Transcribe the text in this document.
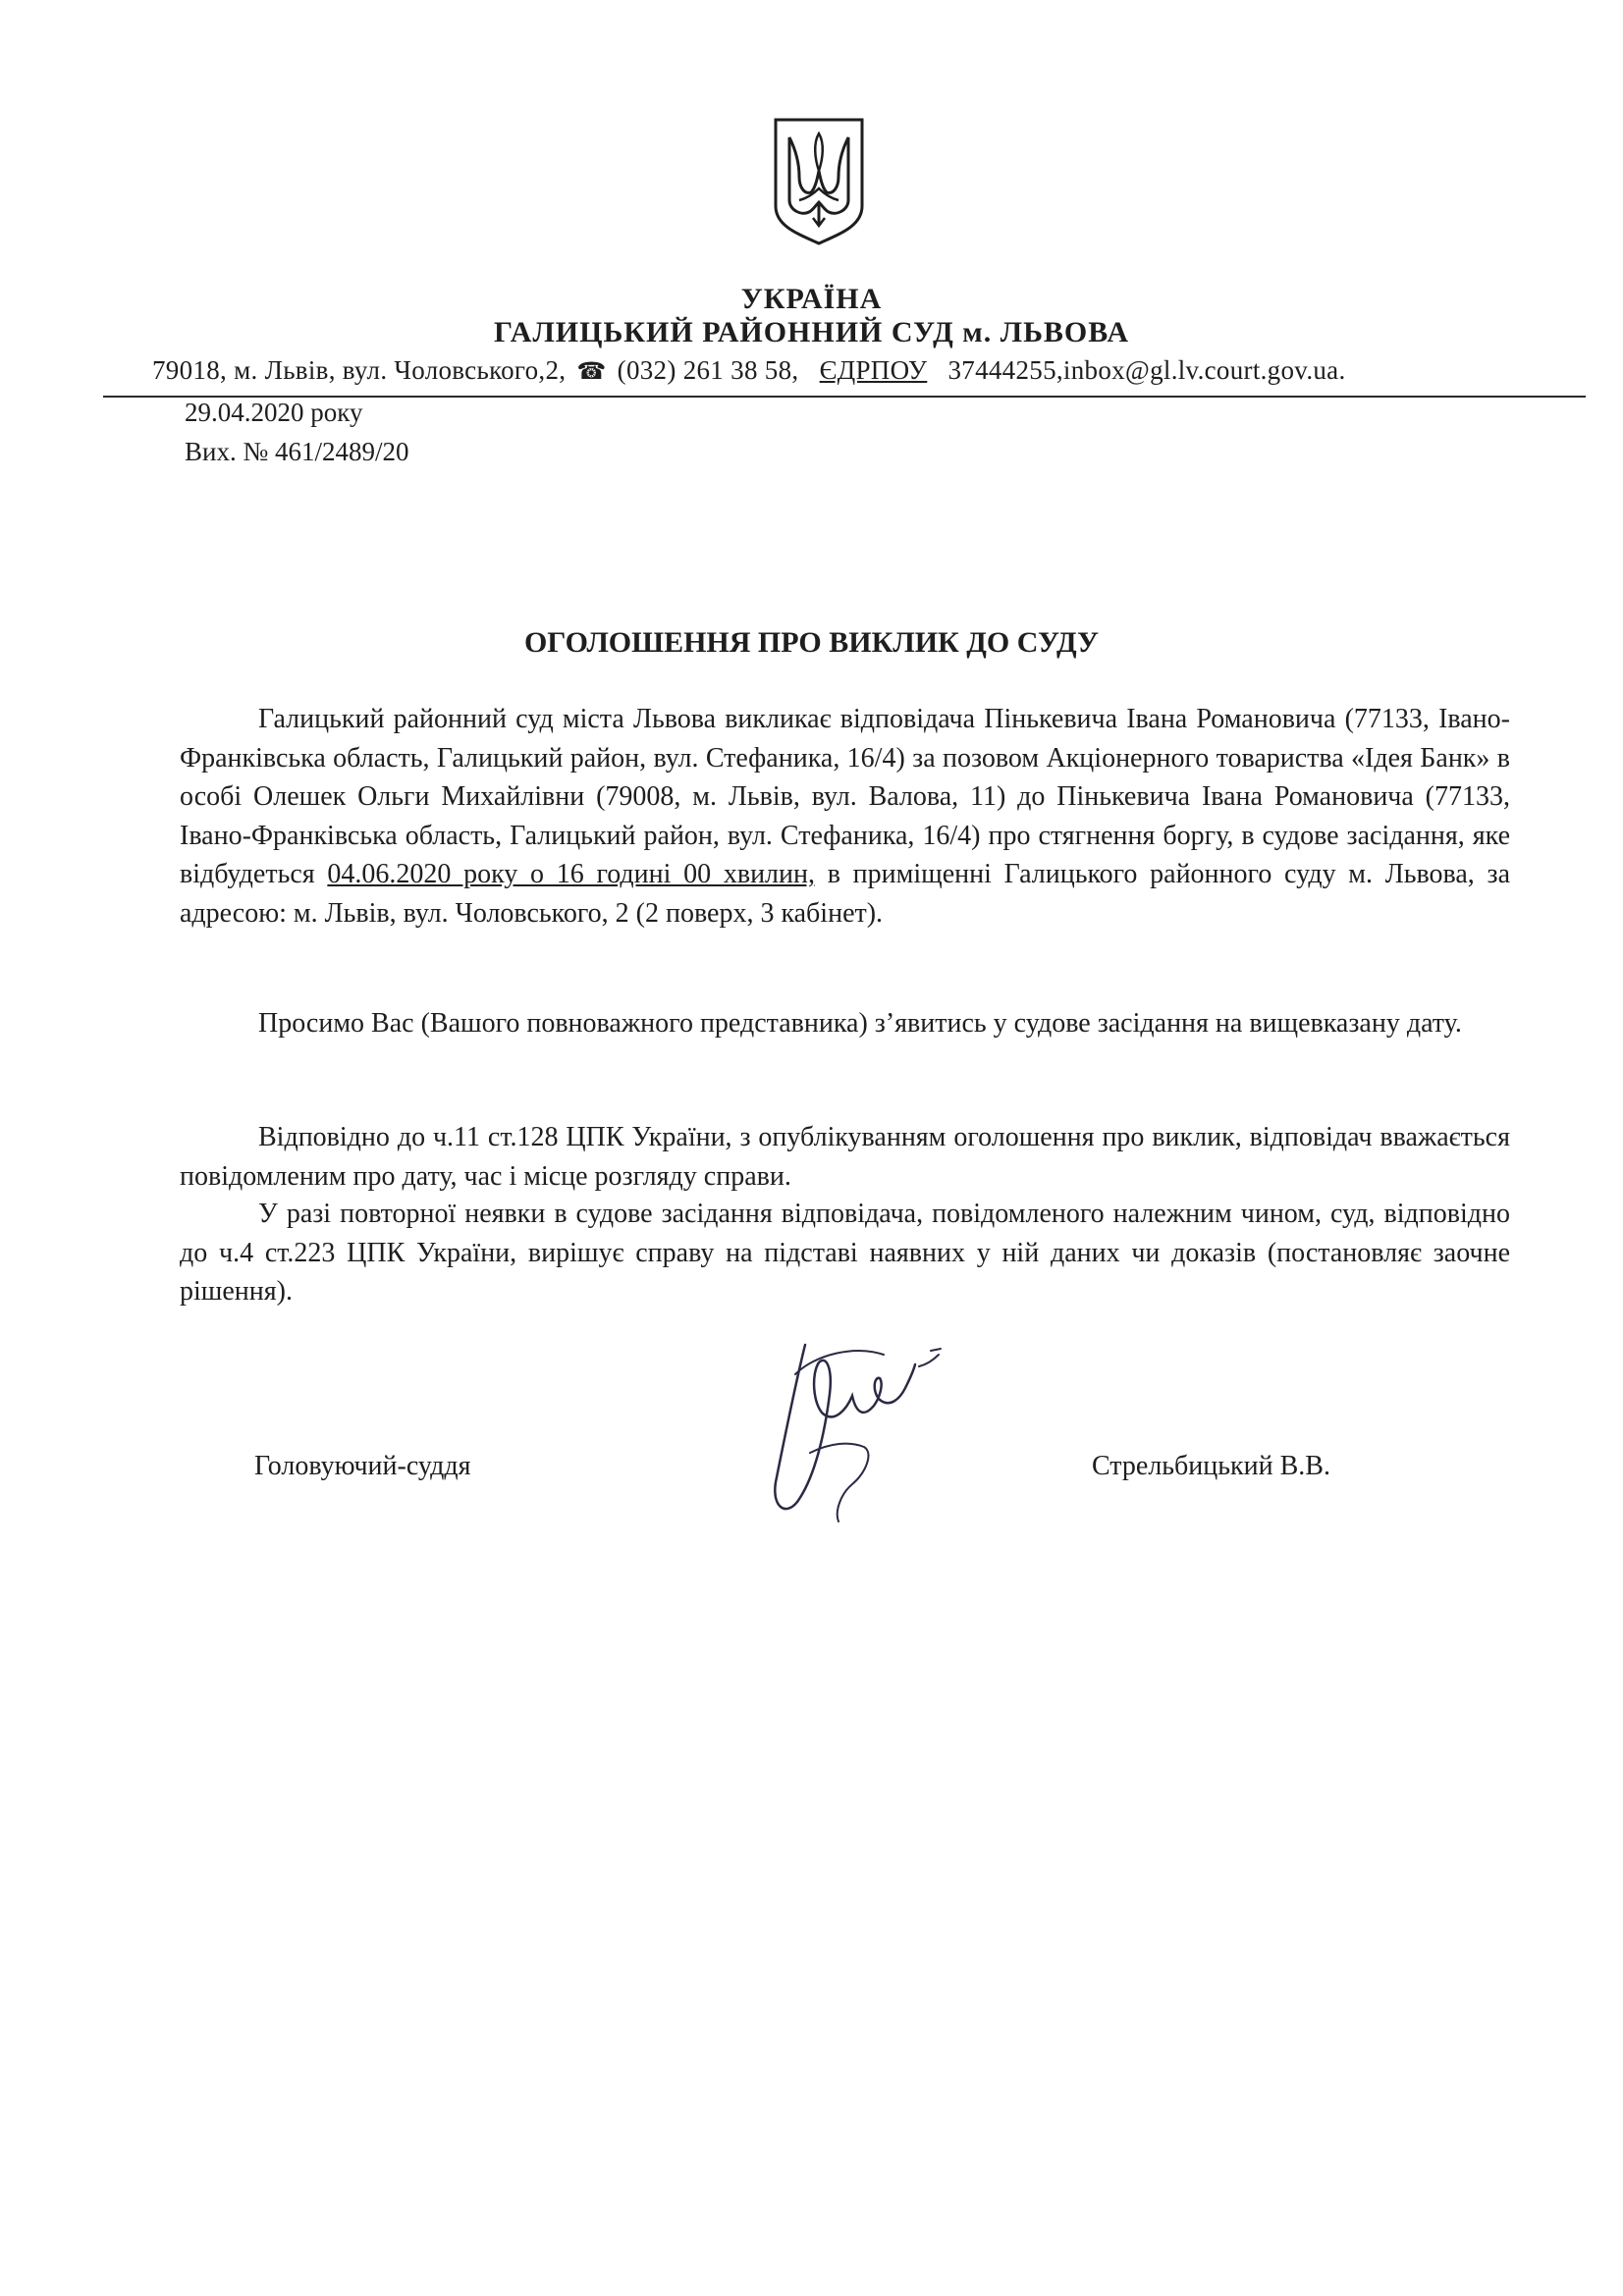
УКРАЇНА
ГАЛИЦЬКИЙ РАЙОННИЙ СУД м. ЛЬВОВА
79018, м. Львів, вул. Чоловського,2, ☎ (032) 261 38 58, ЄДРПОУ 37444255,inbox@gl.lv.court.gov.ua.
29.04.2020 року
Вих. № 461/2489/20
ОГОЛОШЕННЯ ПРО ВИКЛИК ДО СУДУ

Галицький районний суд міста Львова викликає відповідача Пінькевича Івана Романовича (77133, Івано-Франківська область, Галицький район, вул. Стефаника, 16/4) за позовом Акціонерного товариства «Ідея Банк» в особі Олешек Ольги Михайлівни (79008, м. Львів, вул. Валова, 11) до Пінькевича Івана Романовича (77133, Івано-Франківська область, Галицький район, вул. Стефаника, 16/4) про стягнення боргу, в судове засідання, яке відбудеться 04.06.2020 року о 16 годині 00 хвилин, в приміщенні Галицького районного суду м. Львова, за адресою: м. Львів, вул. Чоловського, 2 (2 поверх, 3 кабінет).

Просимо Вас (Вашого повноважного представника) з’явитись у судове засідання на вищевказану дату.

Відповідно до ч.11 ст.128 ЦПК України, з опублікуванням оголошення про виклик, відповідач вважається повідомленим про дату, час і місце розгляду справи.

У разі повторної неявки в судове засідання відповідача, повідомленого належним чином, суд, відповідно до ч.4 ст.223 ЦПК України, вирішує справу на підставі наявних у ній даних чи доказів (постановляє заочне рішення).

Головуючий-суддя	Стрельбицький В.В.
